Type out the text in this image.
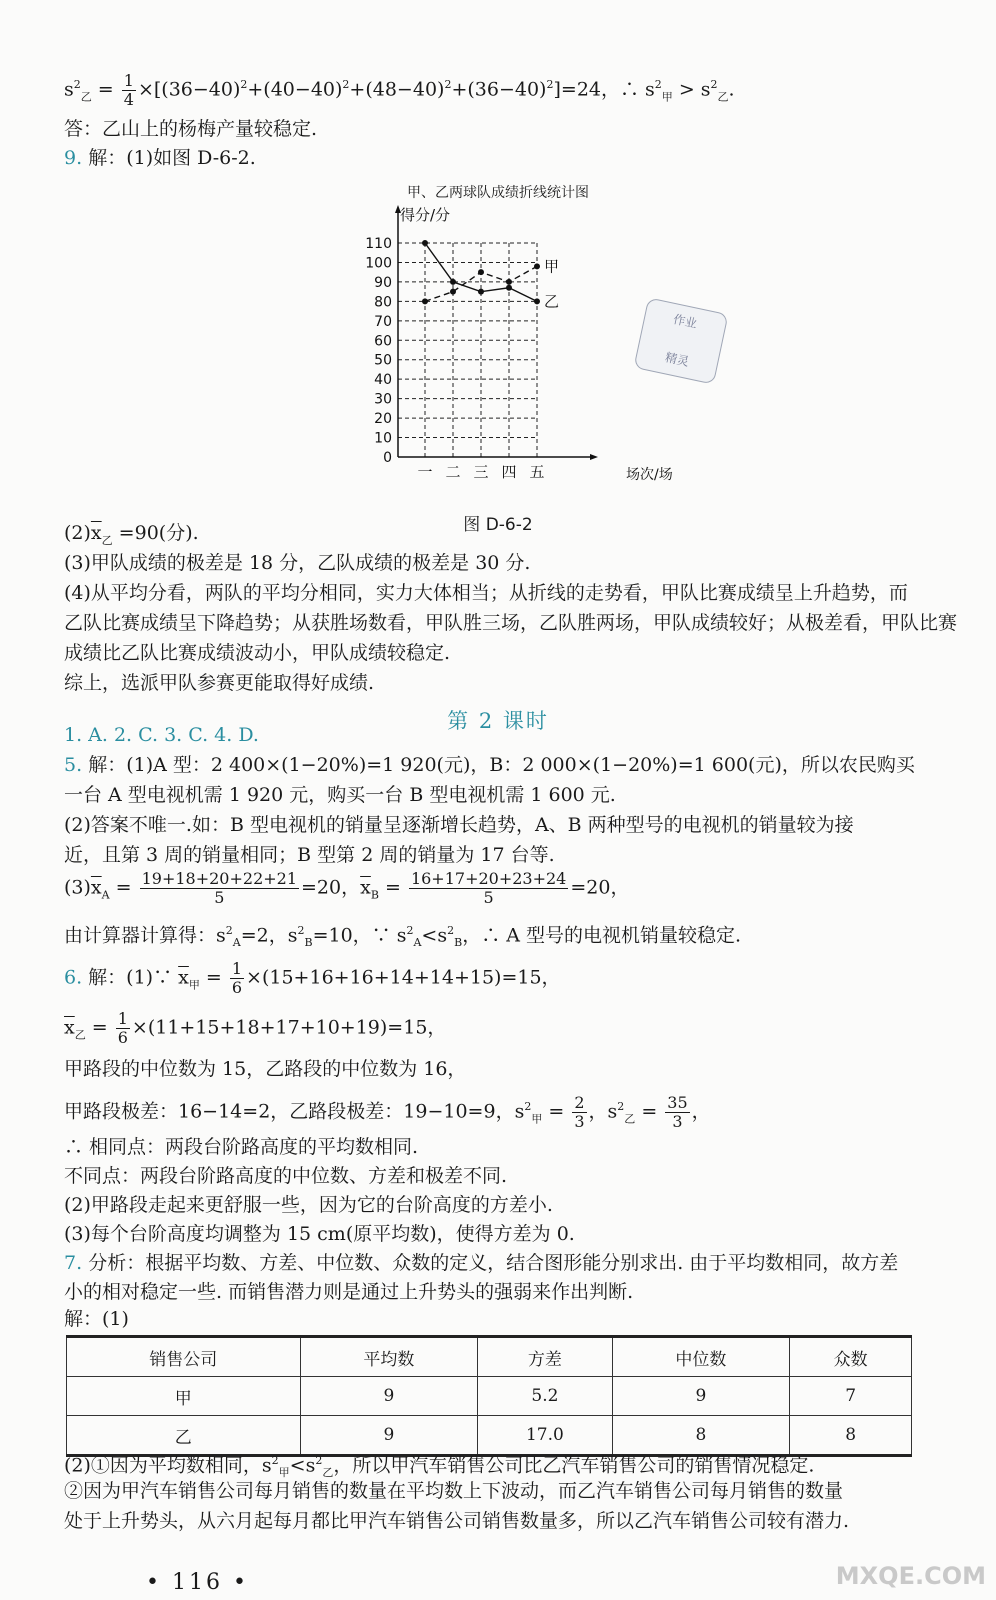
$s^2_乙 = \frac{1}{4} \times[(36-40)^2+(40-40)^2+(48-40)^2+(36-40)^2]=24$，∴ $s^2_甲 > s^2_乙$.
答：乙山上的杨梅产量较稳定.
9. 解：(1)如图 D-6-2.
甲、乙两球队成绩折线统计图
0
10
20
30
40
50
60
70
80
90
100
110
一 二 三 四 五
得分/分
场次/场
甲
乙
作业
精灵
图 D-6-2
$(2)\overline{x}_乙 =90$(分).
(3)甲队成绩的极差是 18 分，乙队成绩的极差是 30 分.
(4)从平均分看，两队的平均分相同，实力大体相当；从折线的走势看，甲队比赛成绩呈上升趋势，而
乙队比赛成绩呈下降趋势；从获胜场数看，甲队胜三场，乙队胜两场，甲队成绩较好；从极差看，甲队比赛
成绩比乙队比赛成绩波动小，甲队成绩较稳定.
综上，选派甲队参赛更能取得好成绩.
第 2 课时
1. A. 2. C. 3. C. 4. D.
5. 解：(1)A 型：2 400×(1−20%)=1 920(元)，B：2 000×(1−20%)=1 600(元)，所以农民购买
一台 A 型电视机需 1 920 元，购买一台 B 型电视机需 1 600 元.
(2)答案不唯一.如：B 型电视机的销量呈逐渐增长趋势，A、B 两种型号的电视机的销量较为接
近，且第 3 周的销量相同；B 型第 2 周的销量为 17 台等.
$(3)\overline{x}_A = \frac{19+18+20+22+21}{5} =20$，$\overline{x}_B = \frac{16+17+20+23+24}{5} =20$，
由计算器计算得：$s^2_A=2$，$s^2_B=10$，∵ $s^2_A<s^2_B$，∴ A 型号的电视机销量较稳定.
6. 解：(1)∵ $\overline{x}_甲 = \frac{1}{6} \times(15+16+16+14+14+15)=15$，
$\overline{x}_乙 = \frac{1}{6} \times(11+15+18+17+10+19)=15$，
甲路段的中位数为 15，乙路段的中位数为 16，
甲路段极差：16−14=2，乙路段极差：19−10=9，$s^2_甲 = \frac{2}{3}$ ，$s^2_乙 = \frac{35}{3}$ ，
∴ 相同点：两段台阶路高度的平均数相同.
不同点：两段台阶路高度的中位数、方差和极差不同.
(2)甲路段走起来更舒服一些，因为它的台阶高度的方差小.
(3)每个台阶高度均调整为 15 cm(原平均数)，使得方差为 0.
7. 分析：根据平均数、方差、中位数、众数的定义，结合图形能分别求出. 由于平均数相同，故方差
小的相对稳定一些. 而销售潜力则是通过上升势头的强弱来作出判断.
解：(1)
销售公司	平均数	方差	中位数	众数
甲	9	5.2	9	7
乙	9	17.0	8	8
(2)①因为平均数相同，$s^2_甲<s^2_乙$，所以甲汽车销售公司比乙汽车销售公司的销售情况稳定.
②因为甲汽车销售公司每月销售的数量在平均数上下波动，而乙汽车销售公司每月销售的数量
处于上升势头，从六月起每月都比甲汽车销售公司销售数量多，所以乙汽车销售公司较有潜力.
• 116 •	MXQE.COM
